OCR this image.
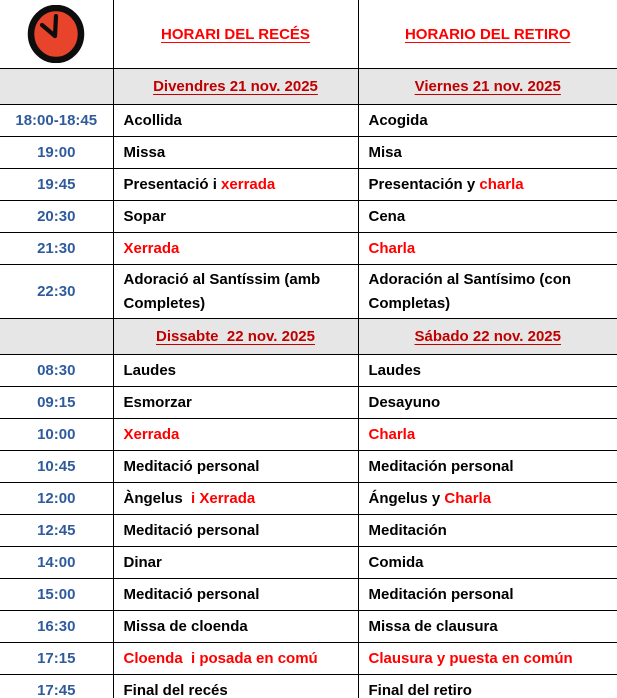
	HORARI DEL RECÉS	HORARIO DEL RETIRO
	Divendres 21 nov. 2025	Viernes 21 nov. 2025
18:00-18:45	Acollida	Acogida
19:00	Missa	Misa
19:45	Presentació i xerrada	Presentación y charla
20:30	Sopar	Cena
21:30	Xerrada	Charla
22:30	Adoració al Santíssim (amb Completes)	Adoración al Santísimo (con Completas)
	Dissabte  22 nov. 2025	Sábado 22 nov. 2025
08:30	Laudes	Laudes
09:15	Esmorzar	Desayuno
10:00	Xerrada	Charla
10:45	Meditació personal	Meditación personal
12:00	Àngelus  i Xerrada	Ángelus y Charla
12:45	Meditació personal	Meditación
14:00	Dinar	Comida
15:00	Meditació personal	Meditación personal
16:30	Missa de cloenda	Missa de clausura
17:15	Cloenda  i posada en comú	Clausura y puesta en común
17:45	Final del recés	Final del retiro
